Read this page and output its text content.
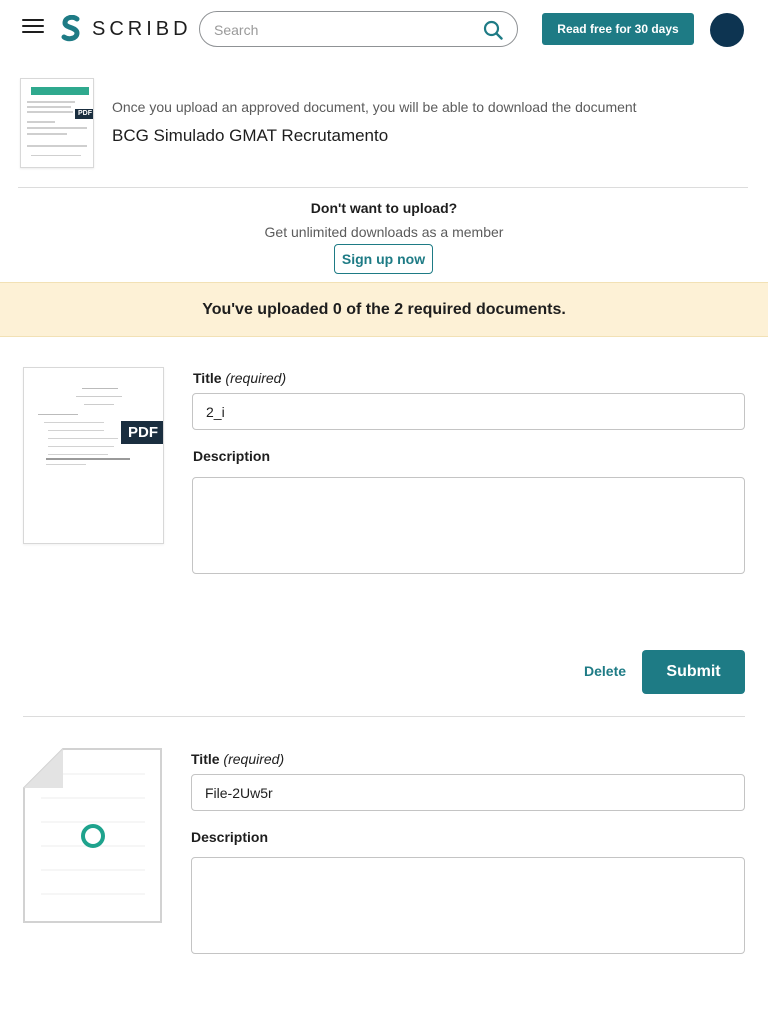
SCRIBD
Search	Read free for 30 days
PDF Once you upload an approved document, you will be able to download the document
BCG Simulado GMAT Recrutamento
Don't want to upload?
Get unlimited downloads as a member
Sign up now
You've uploaded 0 of the 2 required documents.
PDF
Title (required)
2_i
Description
Delete	Submit
Title (required)
File-2Uw5r
Description
